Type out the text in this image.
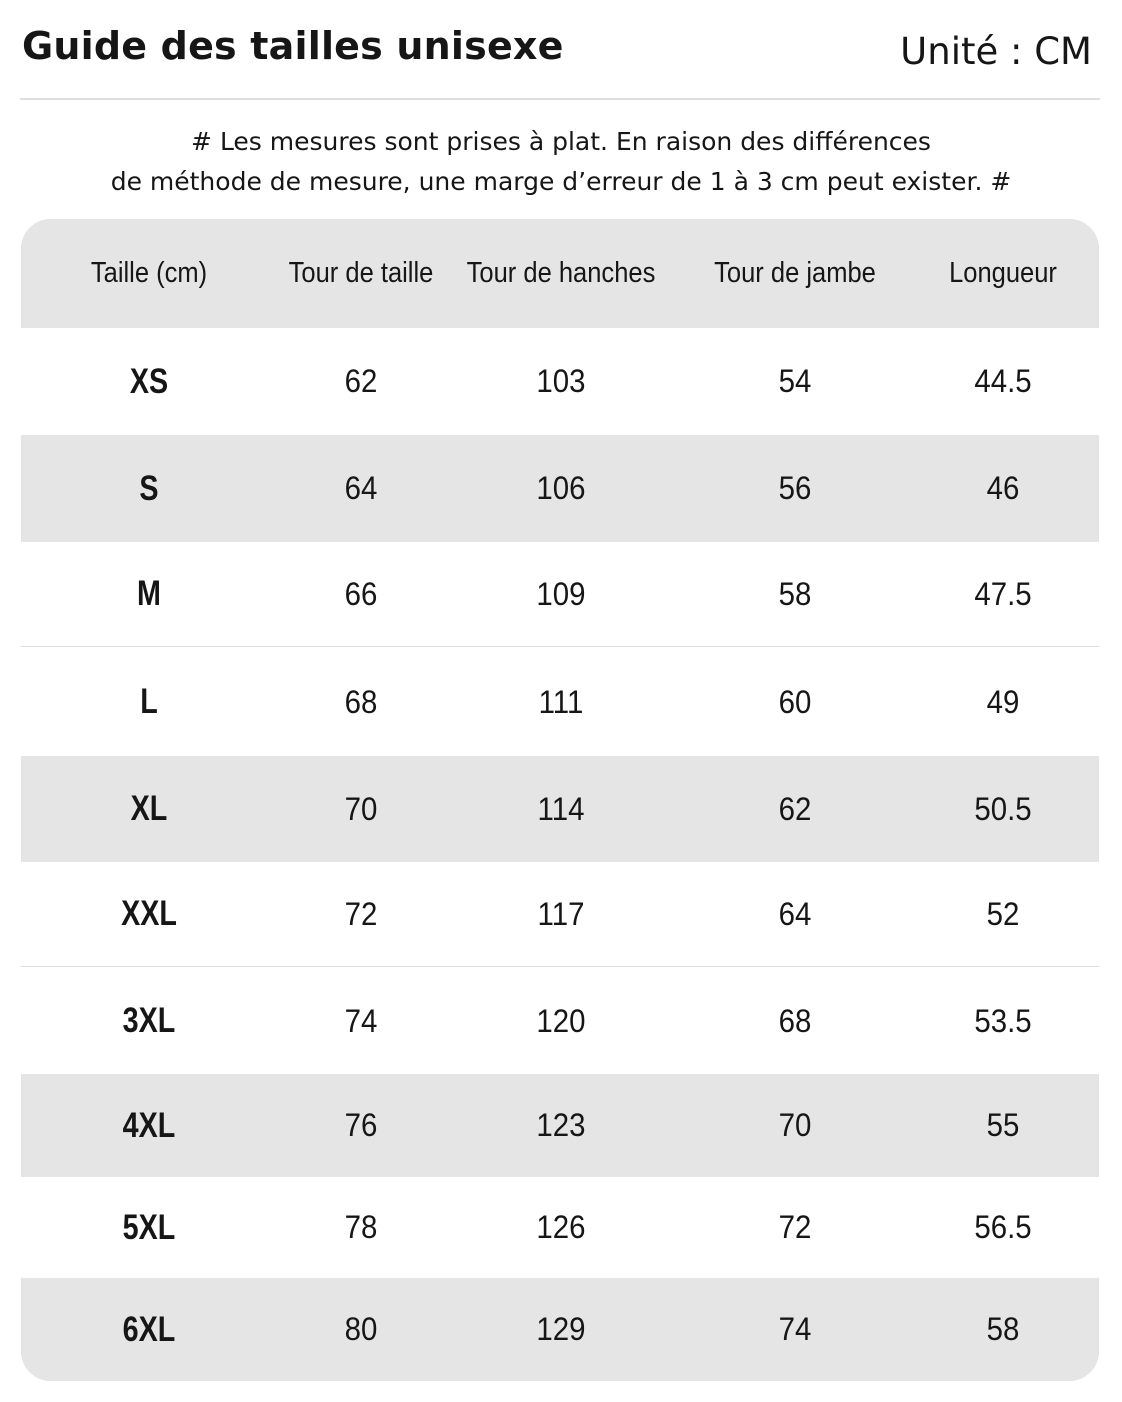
Guide des tailles unisexe	Unité : CM
# Les mesures sont prises à plat. En raison des différences
de méthode de mesure, une marge d’erreur de 1 à 3 cm peut exister. #
Taille (cm)	Tour de taille	Tour de hanches	Tour de jambe	Longueur
XS	62	103	54	44.5
S	64	106	56	46
M	66	109	58	47.5
L	68	111	60	49
XL	70	114	62	50.5
XXL	72	117	64	52
3XL	74	120	68	53.5
4XL	76	123	70	55
5XL	78	126	72	56.5
6XL	80	129	74	58
